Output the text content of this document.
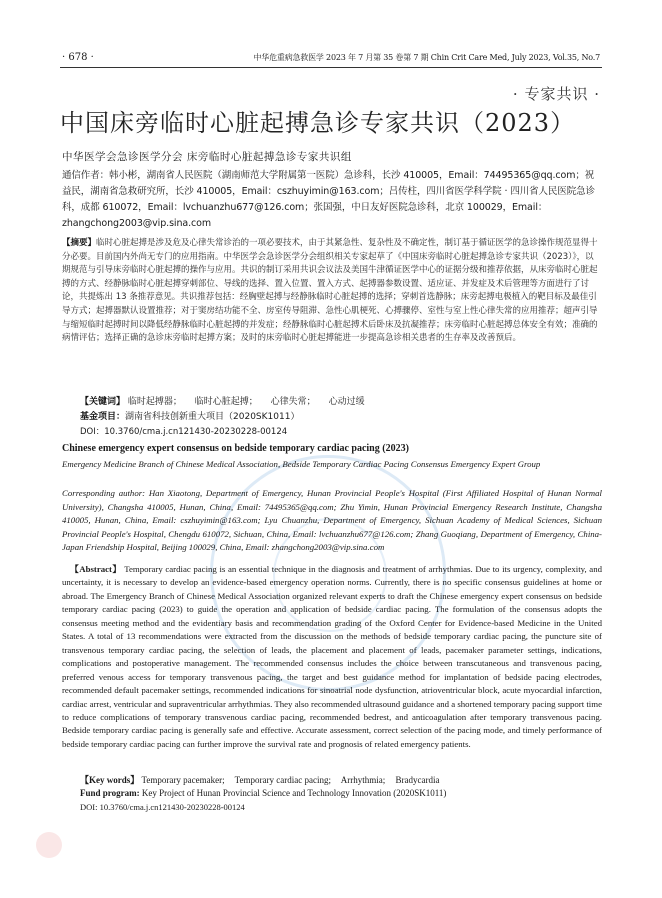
· 678 ·	中华危重病急救医学 2023 年 7 月第 35 卷第 7 期 Chin Crit Care Med, July 2023, Vol.35, No.7
· 专家共识 ·
中国床旁临时心脏起搏急诊专家共识（2023）
中华医学会急诊医学分会 床旁临时心脏起搏急诊专家共识组
通信作者：韩小彬，湖南省人民医院（湖南师范大学附属第一医院）急诊科，长沙 410005，Email：74495365@qq.com；祝益民，湖南省急救研究所，长沙 410005，Email：cszhuyimin@163.com；吕传柱，四川省医学科学院 · 四川省人民医院急诊科，成都 610072，Email：lvchuanzhu677@126.com；张国强，中日友好医院急诊科，北京 100029，Email：zhangchong2003@vip.sina.com
【摘要】临时心脏起搏是涉及危及心律失常诊治的一项必要技术，由于其紧急性、复杂性及不确定性，制订基于循证医学的急诊操作规范显得十分必要。目前国内外尚无专门的应用指南。中华医学会急诊医学分会组织相关专家起草了《中国床旁临时心脏起搏急诊专家共识（2023）》，以期规范与引导床旁临时心脏起搏的操作与应用。共识的制订采用共识会议法及美国牛津循证医学中心的证据分级和推荐依据，从床旁临时心脏起搏的方式、经静脉临时心脏起搏穿刺部位、导线的选择、置入位置、置入方式、起搏器参数设置、适应证、并发症及术后管理等方面进行了讨论，共提炼出 13 条推荐意见。共识推荐包括：经胸壁起搏与经静脉临时心脏起搏的选择；穿刺首选静脉；床旁起搏电极植入的靶目标及最佳引导方式；起搏器默认设置推荐；对于窦房结功能不全、房室传导阻滞、急性心肌梗死、心搏骤停、室性与室上性心律失常的应用推荐；超声引导与缩短临时起搏时间以降低经静脉临时心脏起搏的并发症；经静脉临时心脏起搏术后卧床及抗凝推荐；床旁临时心脏起搏总体安全有效；准确的病情评估；选择正确的急诊床旁临时起搏方案；及时的床旁临时心脏起搏能进一步提高急诊相关患者的生存率及改善预后。
【关键词】 临时起搏器； 临时心脏起搏； 心律失常； 心动过缓
基金项目：湖南省科技创新重大项目（2020SK1011）
DOI：10.3760/cma.j.cn121430-20230228-00124
Chinese emergency expert consensus on bedside temporary cardiac pacing (2023)
Emergency Medicine Branch of Chinese Medical Association, Bedside Temporary Cardiac Pacing Consensus Emergency Expert Group
Corresponding author: Han Xiaotong, Department of Emergency, Hunan Provincial People's Hospital (First Affiliated Hospital of Hunan Normal University), Changsha 410005, Hunan, China, Email: 74495365@qq.com; Zhu Yimin, Hunan Provincial Emergency Research Institute, Changsha 410005, Hunan, China, Email: cszhuyimin@163.com; Lyu Chuanzhu, Department of Emergency, Sichuan Academy of Medical Sciences, Sichuan Provincial People's Hospital, Chengdu 610072, Sichuan, China, Email: lvchuanzhu677@126.com; Zhang Guoqiang, Department of Emergency, China-Japan Friendship Hospital, Beijing 100029, China, Email: zhangchong2003@vip.sina.com
【Abstract】 Temporary cardiac pacing is an essential technique in the diagnosis and treatment of arrhythmias. Due to its urgency, complexity, and uncertainty, it is necessary to develop an evidence-based emergency operation norms. Currently, there is no specific consensus guidelines at home or abroad. The Emergency Branch of Chinese Medical Association organized relevant experts to draft the Chinese emergency expert consensus on bedside temporary cardiac pacing (2023) to guide the operation and application of bedside cardiac pacing. The formulation of the consensus adopts the consensus meeting method and the evidentiary basis and recommendation grading of the Oxford Center for Evidence-based Medicine in the United States. A total of 13 recommendations were extracted from the discussion on the methods of bedside temporary cardiac pacing, the puncture site of transvenous temporary cardiac pacing, the selection of leads, the placement and placement of leads, pacemaker parameter settings, indications, complications and postoperative management. The recommended consensus includes the choice between transcutaneous and transvenous pacing, preferred venous access for temporary transvenous pacing, the target and best guidance method for implantation of bedside pacing electrodes, recommended default pacemaker settings, recommended indications for sinoatrial node dysfunction, atrioventricular block, acute myocardial infarction, cardiac arrest, ventricular and supraventricular arrhythmias. They also recommended ultrasound guidance and a shortened temporary pacing support time to reduce complications of temporary transvenous cardiac pacing, recommended bedrest, and anticoagulation after temporary transvenous pacing. Bedside temporary cardiac pacing is generally safe and effective. Accurate assessment, correct selection of the pacing mode, and timely performance of bedside temporary cardiac pacing can further improve the survival rate and prognosis of related emergency patients.
【Key words】 Temporary pacemaker; Temporary cardiac pacing; Arrhythmia; Bradycardia
Fund program: Key Project of Hunan Provincial Science and Technology Innovation (2020SK1011)
DOI: 10.3760/cma.j.cn121430-20230228-00124
